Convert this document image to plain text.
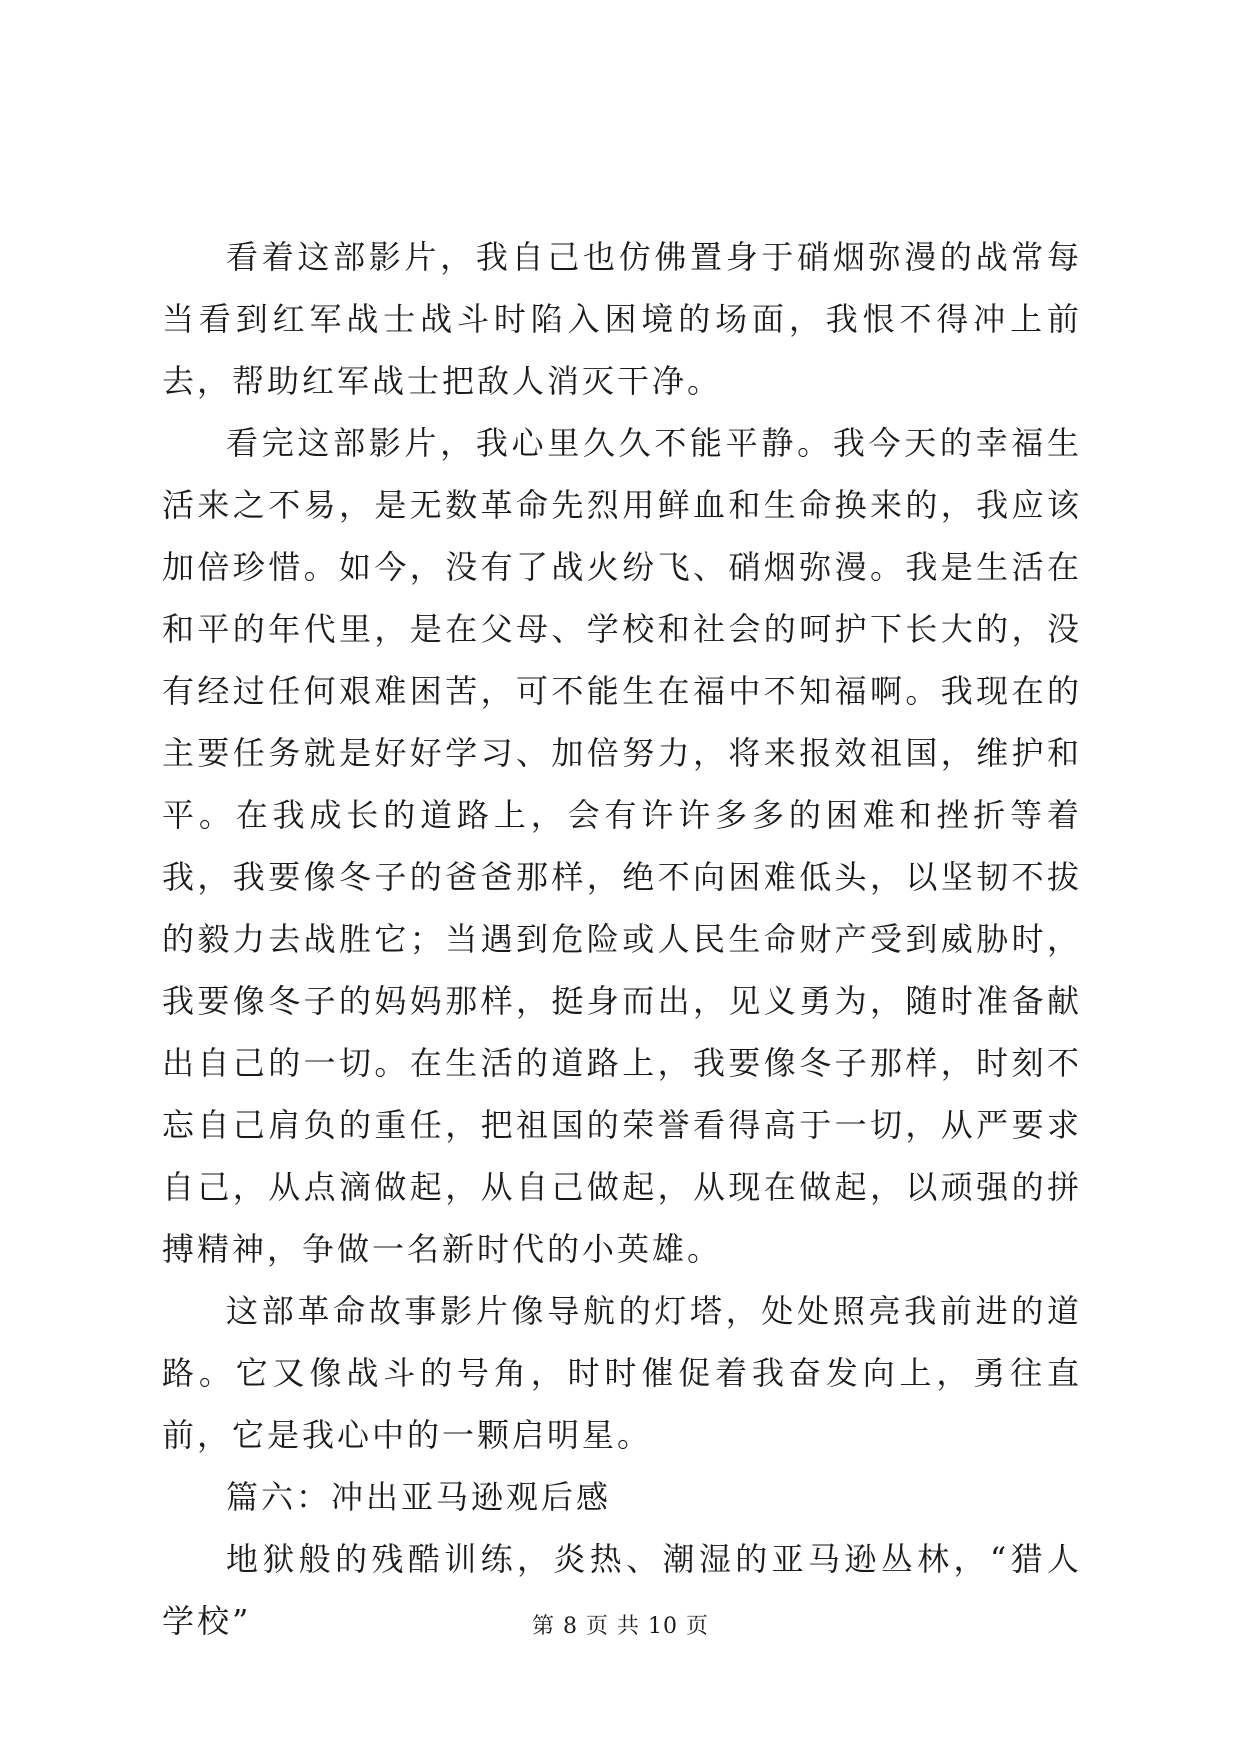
看着这部影片，我自己也仿佛置身于硝烟弥漫的战常每当看到红军战士战斗时陷入困境的场面，我恨不得冲上前去，帮助红军战士把敌人消灭干净。

看完这部影片，我心里久久不能平静。我今天的幸福生活来之不易，是无数革命先烈用鲜血和生命换来的，我应该加倍珍惜。如今，没有了战火纷飞、硝烟弥漫。我是生活在和平的年代里，是在父母、学校和社会的呵护下长大的，没有经过任何艰难困苦，可不能生在福中不知福啊。我现在的主要任务就是好好学习、加倍努力，将来报效祖国，维护和平。在我成长的道路上，会有许许多多的困难和挫折等着我，我要像冬子的爸爸那样，绝不向困难低头，以坚韧不拔的毅力去战胜它；当遇到危险或人民生命财产受到威胁时，我要像冬子的妈妈那样，挺身而出，见义勇为，随时准备献出自己的一切。在生活的道路上，我要像冬子那样，时刻不忘自己肩负的重任，把祖国的荣誉看得高于一切，从严要求自己，从点滴做起，从自己做起，从现在做起，以顽强的拼搏精神，争做一名新时代的小英雄。

这部革命故事影片像导航的灯塔，处处照亮我前进的道路。它又像战斗的号角，时时催促着我奋发向上，勇往直前，它是我心中的一颗启明星。

篇六：冲出亚马逊观后感

地狱般的残酷训练，炎热、潮湿的亚马逊丛林，“猎人学校”	第 8 页 共 10 页
